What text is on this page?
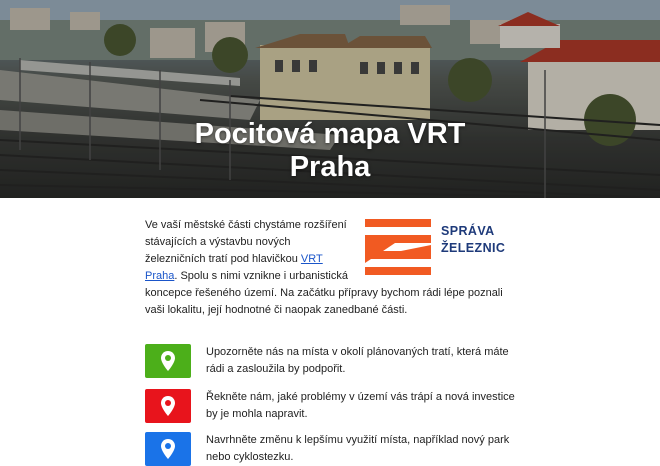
Pocitová mapa VRT
Praha
SPRÁVA
ŽELEZNIC
Ve vaší městské části chystáme rozšíření stávajících a výstavbu nových železničních tratí pod hlavičkou VRT Praha. Spolu s nimi vznikne i urbanistická koncepce řešeného území. Na začátku přípravy bychom rádi lépe poznali vaši lokalitu, její hodnotné či naopak zanedbané části.
Upozorněte nás na místa v okolí plánovaných tratí, která máte rádi a zasloužila by podpořit.
Řekněte nám, jaké problémy v území vás trápí a nová investice by je mohla napravit.
Navrhněte změnu k lepšímu využití místa, například nový park nebo cyklostezku.
